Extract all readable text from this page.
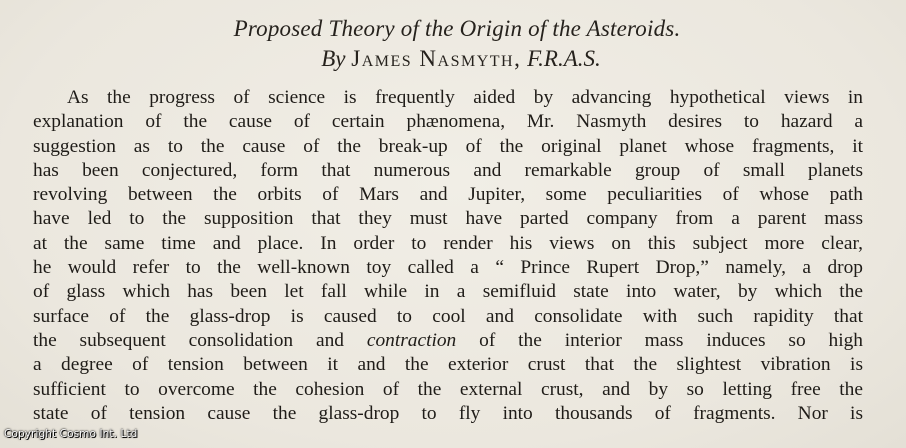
Proposed Theory of the Origin of the Asteroids.
By James Nasmyth, F.R.A.S.
As the progress of science is frequently aided by advancing hypothetical views in
explanation of the cause of certain phænomena, Mr. Nasmyth desires to hazard a
suggestion as to the cause of the break-up of the original planet whose fragments, it
has been conjectured, form that numerous and remarkable group of small planets
revolving between the orbits of Mars and Jupiter, some peculiarities of whose path
have led to the supposition that they must have parted company from a parent mass
at the same time and place. In order to render his views on this subject more clear,
he would refer to the well-known toy called a “ Prince Rupert Drop,” namely, a drop
of glass which has been let fall while in a semifluid state into water, by which the
surface of the glass-drop is caused to cool and consolidate with such rapidity that
the subsequent consolidation and contraction of the interior mass induces so high
a degree of tension between it and the exterior crust that the slightest vibration is
sufficient to overcome the cohesion of the external crust, and by so letting free the
state of tension cause the glass-drop to fly into thousands of fragments. Nor is
Copyright Cosmo Int. Ltd
